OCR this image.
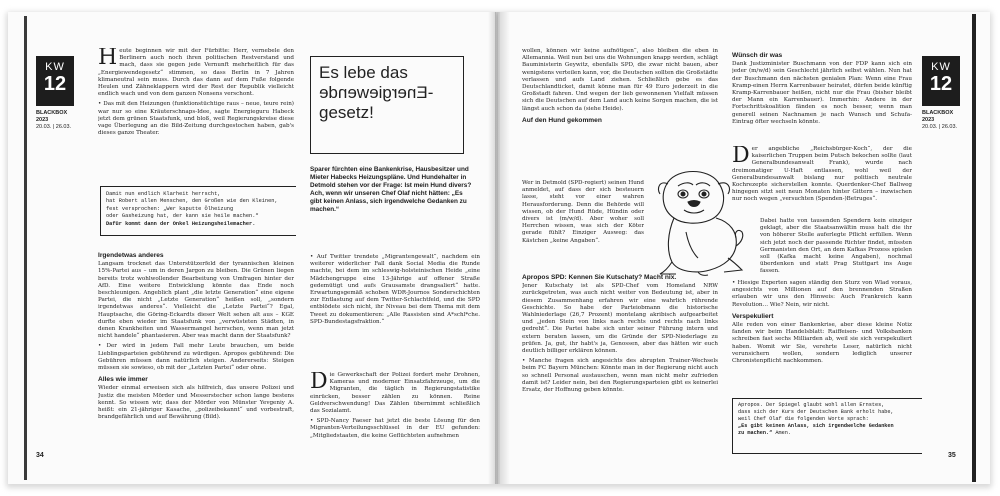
KW
12
BLACKBOX
2023
20.03. | 26.03.

Heute beginnen wir mit der Fürbitte: Herr, vernebele den Berlinern auch noch ihren politischen Restverstand und mach, dass sie gegen jede Vernunft mehrheitlich für das „Energiewendegesetz“ stimmen, so dass Berlin in 7 Jahren klimaneutral sein muss. Durch das dann auf dem Fuße folgende Heulen und Zähneklappern wird der Rest der Republik vielleicht endlich wach und von dem ganzen Nonsens verschont.

• Das mit den Heizungen (funktionstüchtige raus – neue, teure rein) war nur so eine Kräuterschnaps-Idee, sagte Energieguru Habeck jetzt dem grünen Staatsfunk, und bloß, weil Regierungskreise diese vage Überlegung an die Bild-Zeitung durchgestochen haben, gab's dieses ganze Theater.

Damit nun endlich Klarheit herrscht,
hat Robert allen Menschen, den Großen wie den Kleinen,
fest versprochen: „Wer kaputte Ölheizung
oder Gasheizung hat, der kann sie heile machen.“
Dafür kommt dann der Onkel Heizungsheilemacher.
Irgendetwas anderes

Langsam trocknet das Unterstützerfeld der tyrannischen kleinen 15%-Partei aus – um in deren Jargon zu bleiben. Die Grünen liegen bereits trotz wohlwollender Bearbeitung von Umfragen hinter der AfD. Eine weitere Entwicklung könnte das Ende noch beschleunigen. Angeblich plant „die letzte Generation“ eine eigene Partei, die nicht „Letzte Generation“ heißen soll, „sondern irgendetwas anderes“. Vielleicht die „Letzte Partei“? Egal, Hauptsache, die Göring-Eckardts dieser Welt sehen alt aus – KGE durfte eben wieder im Staatsfunk von „verwüsteten Städten, in denen Krankheiten und Wassermangel herrschen, wenn man jetzt nicht handele“ phantasieren. Aber was macht dann der Staatsfunk?

• Der wird in jedem Fall mehr Leute brauchen, um beide Lieblingsparteien gebührend zu würdigen. Apropos gebührend: Die Gebühren müssen dann natürlich steigen. Andererseits: Steigen müssen sie sowieso, ob mit der „Letzten Partei“ oder ohne.

Alles wie immer

Wieder einmal erweisen sich als hilfreich, das unsere Polizei und Justiz die meisten Mörder und Messerstecher schon lange bestens kennt. So wissen wir, dass der Mörder von Münster Yevgeniy A. heißt: ein 21-jähriger Kasache, „polizeibekannt“ und vorbestraft, brandgefährlich und auf Bewährung (Bild).

Es lebe das
Energiewende-
gesetz!
Sparer fürchten eine Bankenkrise, Hausbesitzer und Mieter Habecks Heizungspläne. Und Hundehalter in Detmold stehen vor der Frage: Ist mein Hund divers? Ach, wenn wir unseren Chef Olaf nicht hätten: „Es gibt keinen Anlass, sich irgendwelche Gedanken zu machen.“

• Auf Twitter trendete „Migrantengewalt“, nachdem ein weiterer widerlicher Fall dank Social Media die Runde machte, bei dem im schleswig-holsteinischen Heide „eine Mädchengruppe eine 13-Jährige auf offener Straße gedemütigt und aufs Grausamste drangsaliert“ hatte. Erwartungsgemäß schoben WDR-Journos Sonderschichten zur Entlastung auf dem Twitter-Schlachtfeld, und die SPD entblödete sich nicht, ihr Niveau bei dem Thema mit dem Tweet zu dokumentieren: „Alle Rassisten sind A*schl*che. SPD-Bundestagsfraktion.“

Die Gewerkschaft der Polizei fordert mehr Drohnen, Kameras und moderner Einsatzfahrzeuge, um die Migranten, die täglich in Regierungstatistike einrücken, besser zählen zu können. Reine Geldverschwendung! Das Zählen übernimmt schließlich das Sozialamt.

• SPD-Nancy Faeser hat jetzt die beste Lösung für den Migranten-Verteilungsschlüssel in der EU gefunden: „Mitgliedstaaten, die keine Geflüchteten aufnehmen

34

wollen, können wir keine aufnötigen“, also bleiben die eben in Allemannia. Weil nun bei uns die Wohnungen knapp werden, schlägt Bauministerin Geywitz, ebenfalls SPD, die zwar nicht bauen, aber wenigstens verteilen kann, vor, die Deutschen sollten die Großstädte verlassen und aufs Land ziehen. Schließlich gebe es das Deutschlandticket, damit könne man für 49 Euro jederzeit in die Großstadt fahren. Und wegen der lieb gewonnenen Vielfalt müssen sich die Deutschen auf dem Land auch keine Sorgen machen, die ist längst auch schon da (siehe Heide).

Auf den Hund gekommen

Wer in Detmold (SPD-regiert) seinen Hund anmeldet, auf dass der sich besteuern lasse, steht vor einer wahren Herausforderung. Denn die Behörde will wissen, ob der Hund Rüde, Hündin oder divers ist (m/w/d). Aber woher soll Herrchen wissen, was sich der Köter gerade fühlt? Einziger Ausweg: das Kästchen „keine Angaben“.

Apropos SPD: Kennen Sie Kutschaty? Macht nix.

Jener Kutschaty ist als SPD-Chef vom Homeland NRW zurückgetreten, was auch nicht weiter von Bedeutung ist, aber in diesem Zusammenhang erfahren wir eine wahrlich rührende Geschichte. So habe der Parteiobmann die historische Wahlniederlage (26,7 Prozent) montelang akribisch aufgearbeitet und „jeden Stein von links nach rechts und rechts nach links gedreht“. Die Partei habe sich unter seiner Führung intern und extern beraten lassen, um die Gründe der SPD-Niederlage zu prüfen. Ja, gut, ihr habt's ja, Genossen, aber das hätten wir euch deutlich billiger erklären können.

• Manche fragen sich angesichts des abrupten Trainer-Wechsels beim FC Bayern München: Könnte man in der Regierung nicht auch so schnell Personal austauschen, wenn man nicht mehr zufrieden damit ist? Leider nein, bei den Regierungsparteien gibt es keinerlei Ersatz, der Hoffnung geben könnte.

Wünsch dir was

Dank Justizminister Buschmann von der FDP kann sich ein jeder (m/w/d) sein Geschlecht jährlich selbst wählen. Nun hat der Buschmann den nächsten genialen Plan: Wenn eine Frau Kramp-einen Herrn Karrenbauer heiratet, dürfen beide künftig Kramp-Karrenbauer heißen, nicht nur die Frau (bisher bleibt der Mann ein Karrenbauer). Immerhin: Andere in der Fortschrittskoalition fänden es noch besser, wenn man generell seinen Nachnamen je nach Wunsch und Schufa-Eintrag öfter wechseln könnte.

Der angebliche „Reichsbürger-Koch“, der die kaiserlichen Truppen beim Putsch bekochen sollte (laut Generalbundesanwalt Frank), wurde nach dreimonatiger U-Haft entlassen, wohl weil der Generalbundesanwalt bislang nur politisch neutrale Kochrezepte sicherstellen konnte. Querdenker-Chef Ballweg hingegen sitzt seit neun Monaten hinter Gittern – inzwischen nur noch wegen „versuchten (Spenden-)Betruges“.

Dabei hatte von tausenden Spendern kein einziger geklagt, aber die Staatsanwältin muss halt die ihr von höherer Stelle auferlegte Pflicht erfüllen. Wenn sich jetzt noch der passende Richter findet, müssten Germanisten den Ort, an dem Kafkas Prozess spielen soll (Kafka macht keine Angaben), nochmal überdenken und statt Prag Stuttgart ins Auge fassen.

• Hiesige Experten sagen ständig den Sturz von Wlad voraus, angesichts von Millionen auf den brennenden Straßen erlauben wir uns den Hinweis: Auch Frankreich kann Revolution… Wie? Nein, wir nicht.

Verspekuliert

Alle reden von einer Bankenkrise, aber diese kleine Notiz fanden wir beim Handelsblatt: Raiffeisen- und Volksbanken schreiben fast sechs Milliarden ab, weil sie sich verspekuliert haben. Womit wir Sie, verehrte Leser, natürlich nicht verunsichern wollen, sondern lediglich unserer Chronistenpflicht nachkommen.

Apropos. Der Spiegel glaubt wohl allen Ernstes,
dass sich der Kurs der Deutschen Bank erholt habe,
weil Chef Olaf die folgenden Worte sprach:
„Es gibt keinen Anlass, sich irgendwelche Gedanken
zu machen.“ Amen.
KW
12
BLACKBOX
2023
20.03. | 26.03.
35
